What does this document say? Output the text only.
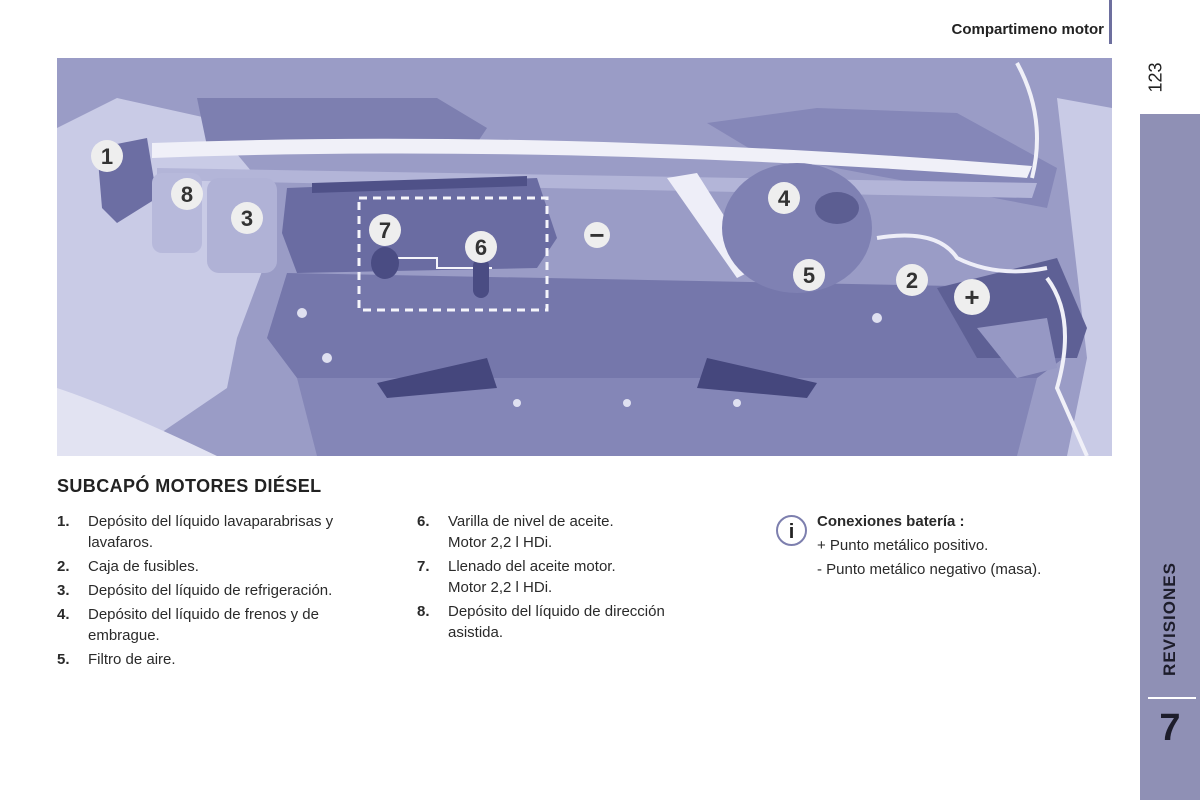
Compartimeno motor
123
REVISIONES
7
1
2
3
4
5
6
7
8
+
−
SUBCAPÓ MOTORES DIÉSEL
1.	Depósito del líquido lavaparabrisas y lavafaros.
2.	Caja de fusibles.
3.	Depósito del líquido de refrigeración.
4.	Depósito del líquido de frenos y de embrague.
5.	Filtro de aire.
6.	Varilla de nivel de aceite.
Motor 2,2 l HDi.
7.	Llenado del aceite motor.
Motor 2,2 l HDi.
8.	Depósito del líquido de dirección asistida.
i Conexiones batería :
+ Punto metálico positivo.
- Punto metálico negativo (masa).
